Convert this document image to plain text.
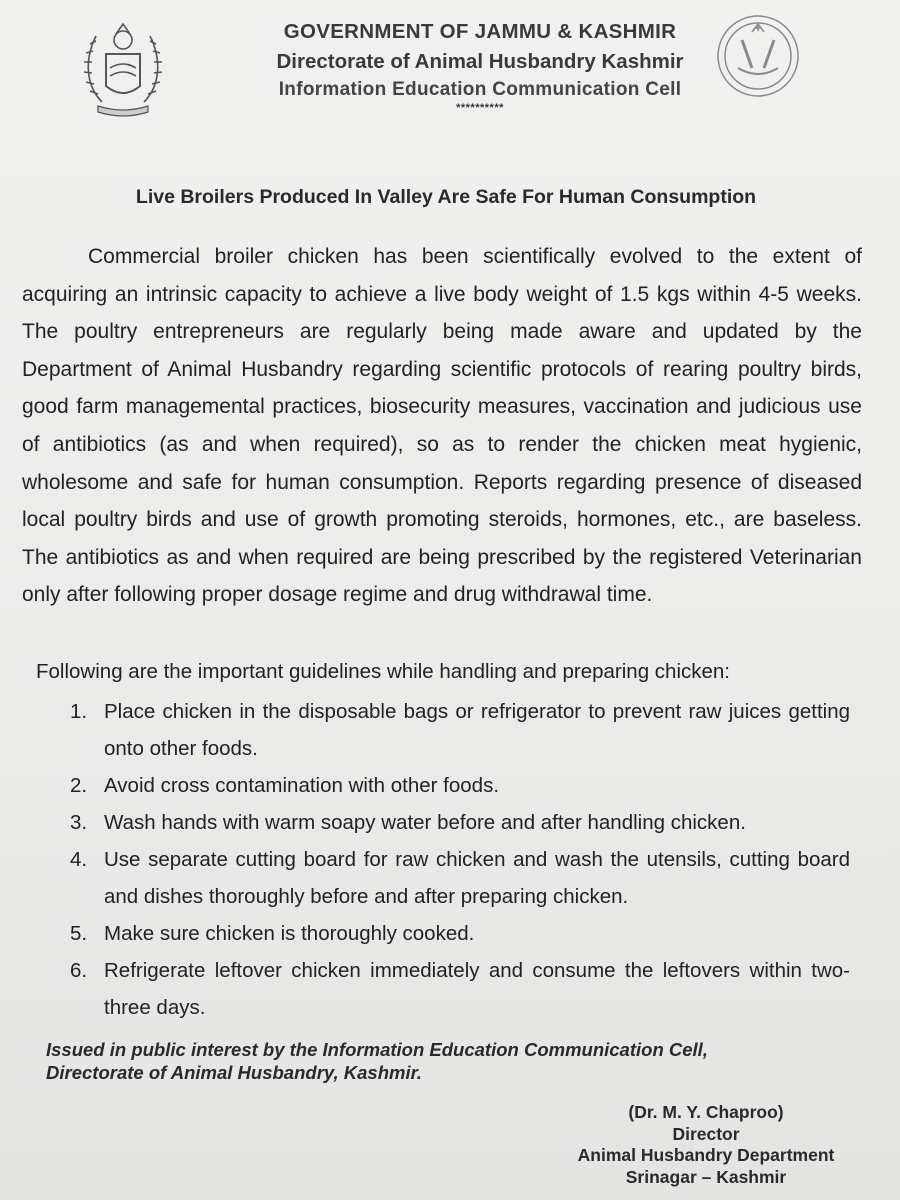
GOVERNMENT OF JAMMU & KASHMIR
Directorate of Animal Husbandry Kashmir
Information Education Communication Cell
**********
Live Broilers Produced In Valley Are Safe For Human Consumption

Commercial broiler chicken has been scientifically evolved to the extent of acquiring an intrinsic capacity to achieve a live body weight of 1.5 kgs within 4-5 weeks. The poultry entrepreneurs are regularly being made aware and updated by the Department of Animal Husbandry regarding scientific protocols of rearing poultry birds, good farm managemental practices, biosecurity measures, vaccination and judicious use of antibiotics (as and when required), so as to render the chicken meat hygienic, wholesome and safe for human consumption. Reports regarding presence of diseased local poultry birds and use of growth promoting steroids, hormones, etc., are baseless. The antibiotics as and when required are being prescribed by the registered Veterinarian only after following proper dosage regime and drug withdrawal time.

Following are the important guidelines while handling and preparing chicken:
1. Place chicken in the disposable bags or refrigerator to prevent raw juices getting onto other foods.
2. Avoid cross contamination with other foods.
3. Wash hands with warm soapy water before and after handling chicken.
4. Use separate cutting board for raw chicken and wash the utensils, cutting board and dishes thoroughly before and after preparing chicken.
5. Make sure chicken is thoroughly cooked.
6. Refrigerate leftover chicken immediately and consume the leftovers within two-three days.
Issued in public interest by the Information Education Communication Cell,
Directorate of Animal Husbandry, Kashmir.
(Dr. M. Y. Chaproo)
Director
Animal Husbandry Department
Srinagar – Kashmir
